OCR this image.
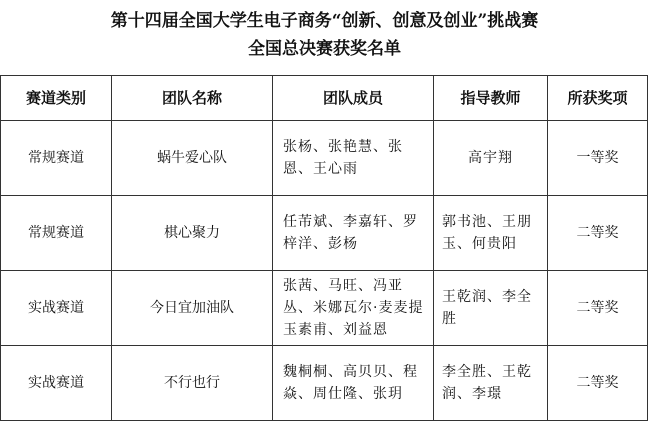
第十四届全国大学生电子商务“创新、创意及创业”挑战赛
全国总决赛获奖名单
赛道类别	团队名称	团队成员	指导教师	所获奖项
常规赛道	蜗牛爱心队	张杨、张艳慧、张恩、王心雨	高宇翔	一等奖
常规赛道	棋心聚力	任芾斌、李嘉轩、罗梓洋、彭杨	郭书池、王朋玉、何贵阳	二等奖
实战赛道	今日宜加油队	张茜、马旺、冯亚丛、米娜瓦尔·麦麦提玉素甫、刘益恩	王乾润、李全胜	二等奖
实战赛道	不行也行	魏桐桐、高贝贝、程焱、周仕隆、张玥	李全胜、王乾润、李璟	二等奖
